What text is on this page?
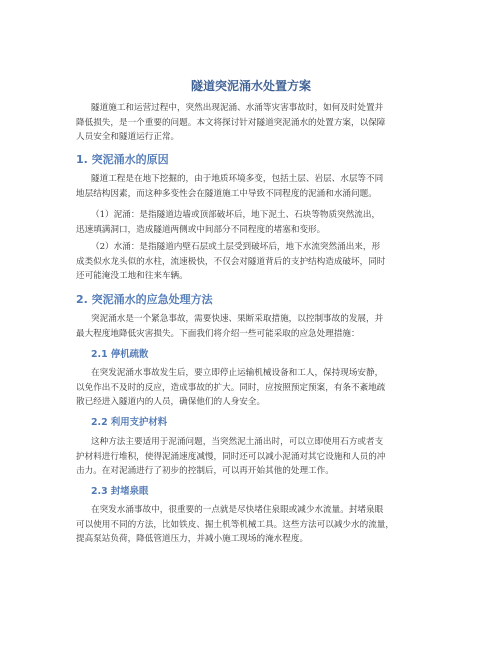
隧道突泥涌水处置方案
隧道施工和运营过程中，突然出现泥涌、水涌等灾害事故时，如何及时处置并
降低损失，是一个重要的问题。本文将探讨针对隧道突泥涌水的处置方案，以保障
人员安全和隧道运行正常。
1. 突泥涌水的原因
隧道工程是在地下挖掘的，由于地质环境多变，包括土层、岩层、水层等不同
地层结构因素，而这种多变性会在隧道施工中导致不同程度的泥涌和水涌问题。
（1）泥涌：是指隧道边墙或顶部破坏后，地下泥土、石块等物质突然流出，
迅速填满洞口，造成隧道两侧或中间部分不同程度的堵塞和变形。
（2）水涌：是指隧道内壁石层或土层受到破坏后，地下水流突然涌出来，形
成类似水龙头似的水柱，流速极快，不仅会对隧道背后的支护结构造成破坏，同时
还可能淹没工地和往来车辆。
2. 突泥涌水的应急处理方法
突泥涌水是一个紧急事故，需要快速、果断采取措施，以控制事故的发展，并
最大程度地降低灾害损失。下面我们将介绍一些可能采取的应急处理措施：
2.1 停机疏散
在突发泥涌水事故发生后，要立即停止运输机械设备和工人，保持现场安静，
以免作出不及时的反应，造成事故的扩大。同时，应按照预定预案，有条不紊地疏
散已经进入隧道内的人员，确保他们的人身安全。
2.2 利用支护材料
这种方法主要适用于泥涌问题，当突然泥土涌出时，可以立即使用石方或者支
护材料进行堆积，使得泥涌速度减慢，同时还可以减小泥涌对其它设施和人员的冲
击力。在对泥涌进行了初步的控制后，可以再开始其他的处理工作。
2.3 封堵泉眼
在突发水涌事故中，很重要的一点就是尽快堵住泉眼或减少水流量。封堵泉眼
可以使用不同的方法，比如铁皮、掘土机等机械工具。这些方法可以减少水的流量，
提高泵站负荷，降低管道压力，并减小施工现场的淹水程度。
